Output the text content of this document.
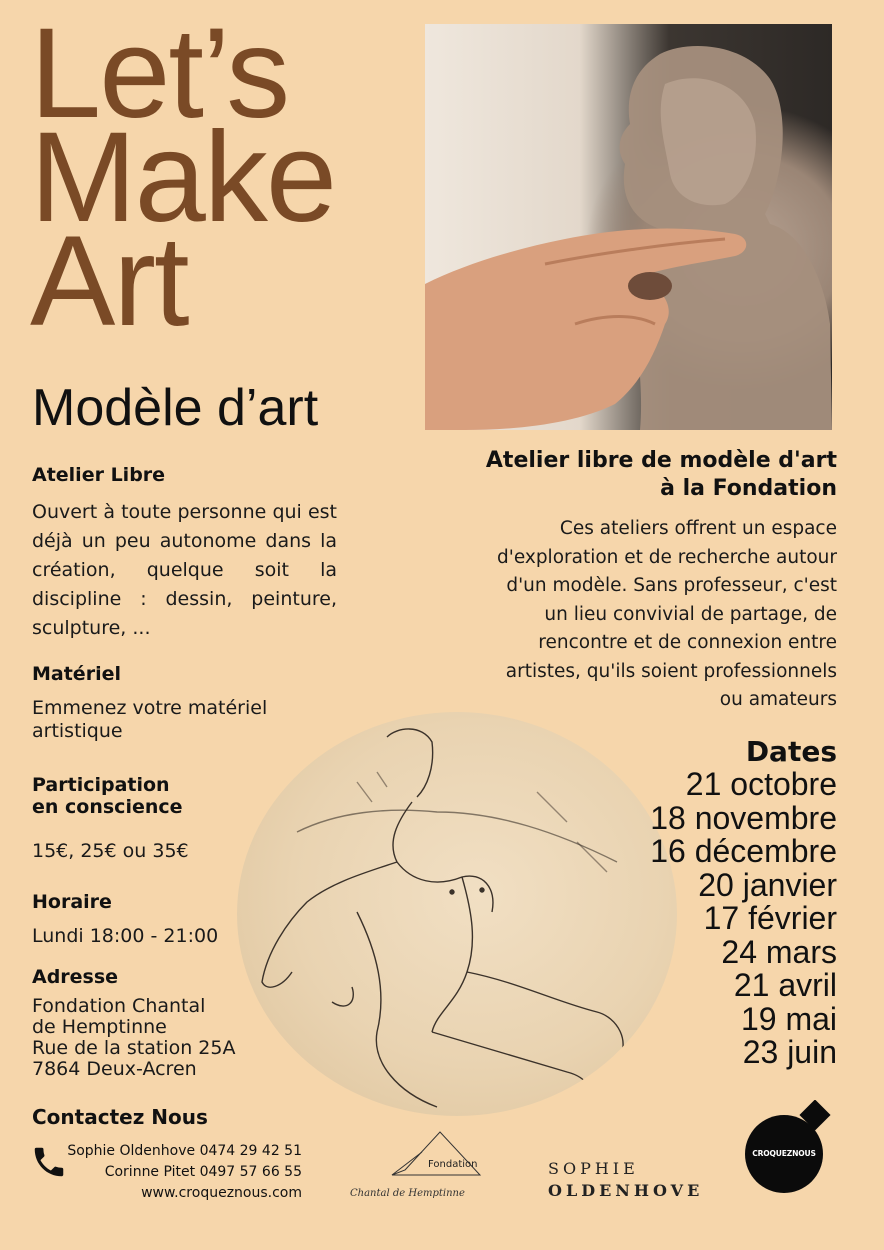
Let’s
Make
Art
Modèle d’art
Atelier Libre
Ouvert à toute personne qui est déjà un peu autonome dans la création, quelque soit la discipline : dessin, peinture, sculpture, ...
Matériel
Emmenez votre matériel artistique
Participation
en conscience
15€, 25€ ou 35€
Horaire
Lundi 18:00 - 21:00
Adresse
Fondation Chantal
de Hemptinne
Rue de la station 25A
7864 Deux-Acren
Contactez Nous
Sophie Oldenhove 0474 29 42 51
Corinne Pitet 0497 57 66 55
www.croqueznous.com
Atelier libre de modèle d'art
à la Fondation
Ces ateliers offrent un espace
d'exploration et de recherche autour
d'un modèle. Sans professeur, c'est
un lieu convivial de partage, de
rencontre et de connexion entre
artistes, qu'ils soient professionnels
ou amateurs
Dates
21 octobre
18 novembre
16 décembre
20 janvier
17 février
24 mars
21 avril
19 mai
23 juin
Fondation
Chantal de Hemptinne
SOPHIE
OLDENHOVE
CROQUEZNOUS
